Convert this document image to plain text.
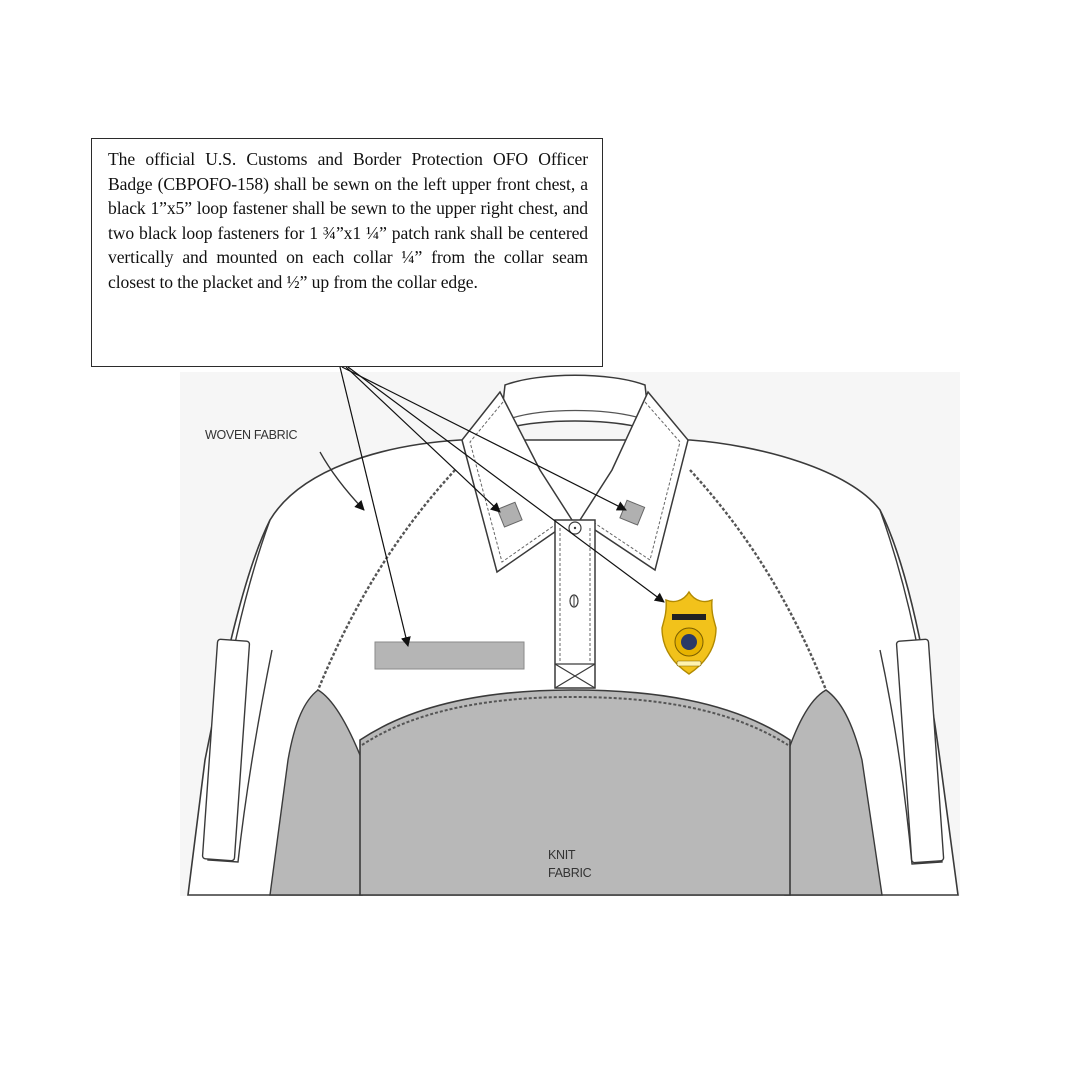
The official U.S. Customs and Border Protection OFO Officer Badge (CBPOFO-158) shall be sewn on the left upper front chest, a black 1”x5” loop fastener shall be sewn to the upper right chest, and two black loop fasteners for 1 ¾”x1 ¼” patch rank shall be centered vertically and mounted on each collar ¼” from the collar seam closest to the placket and ½” up from the collar edge.
WOVEN FABRIC
KNIT
FABRIC
